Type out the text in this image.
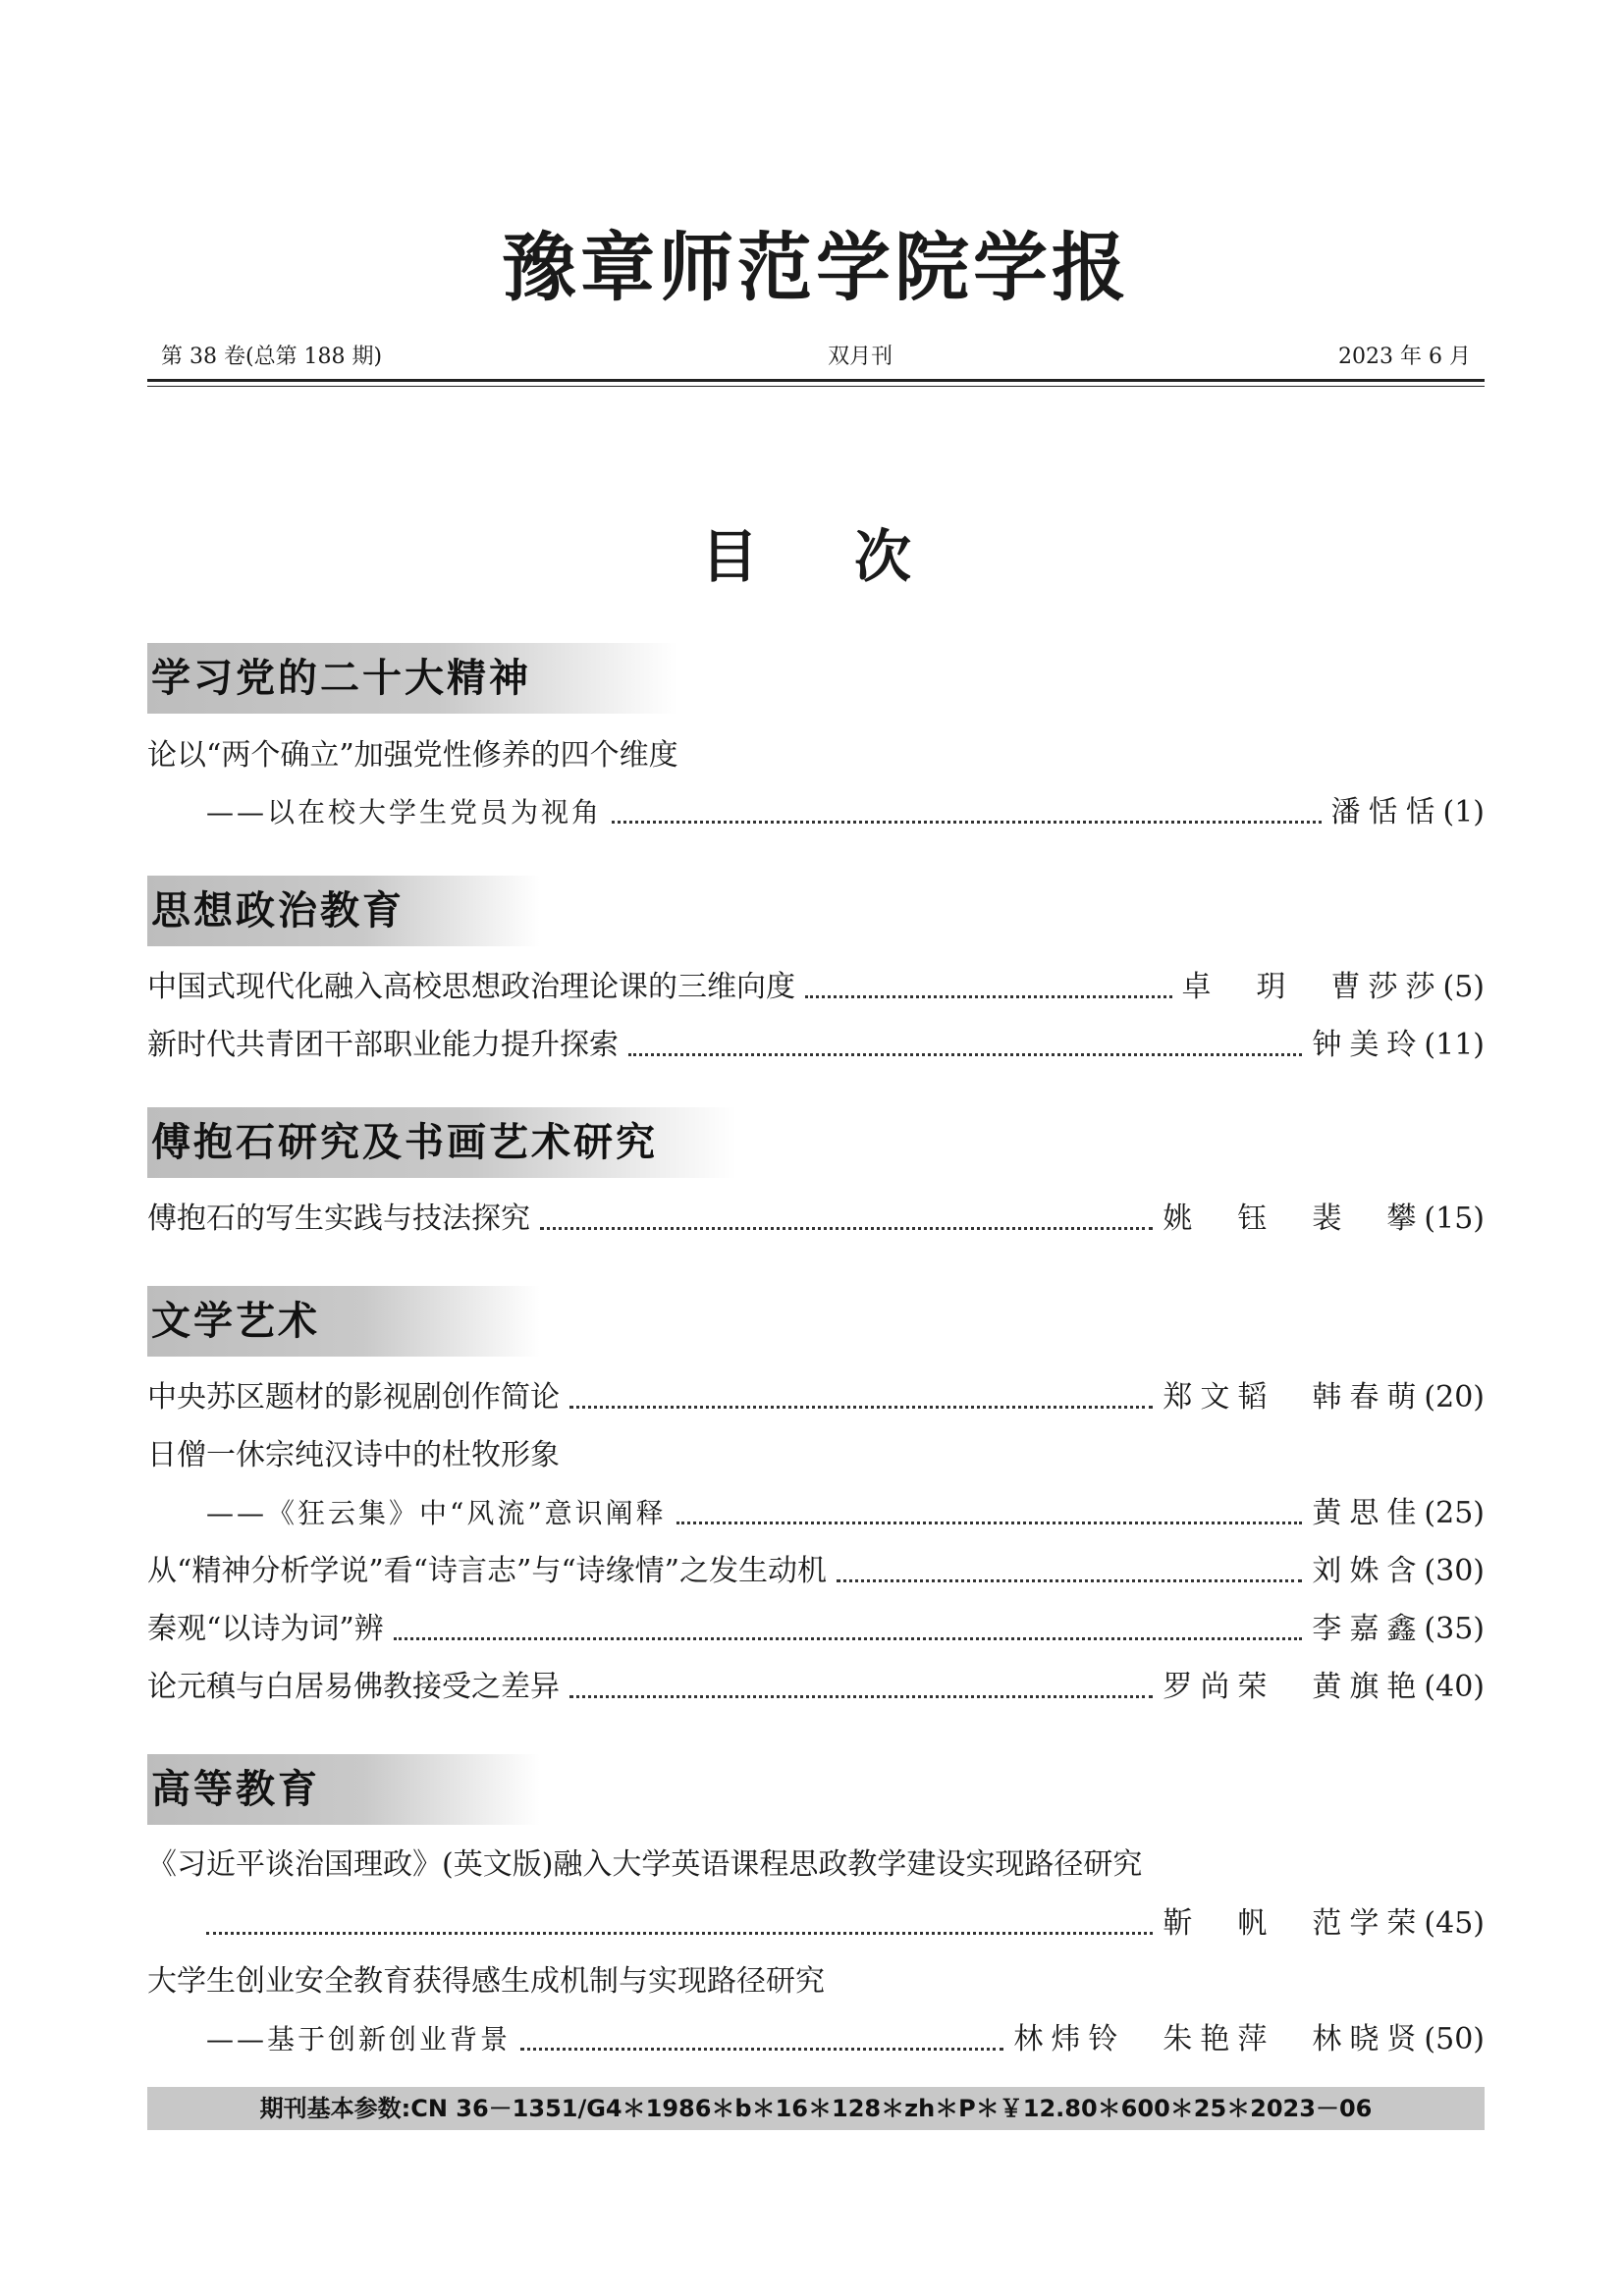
豫章师范学院学报
第 38 卷(总第 188 期)	双月刊	2023 年 6 月
目　次
学习党的二十大精神
论以“两个确立”加强党性修养的四个维度
——以在校大学生党员为视角	潘恬恬 (1)
思想政治教育
中国式现代化融入高校思想政治理论课的三维向度	卓　玥　曹莎莎 (5)
新时代共青团干部职业能力提升探索	钟美玲 (11)
傅抱石研究及书画艺术研究
傅抱石的写生实践与技法探究	姚　钰　裴　攀 (15)
文学艺术
中央苏区题材的影视剧创作简论	郑文韬　韩春萌 (20)
日僧一休宗纯汉诗中的杜牧形象
——《狂云集》中“风流”意识阐释	黄思佳 (25)
从“精神分析学说”看“诗言志”与“诗缘情”之发生动机	刘姝含 (30)
秦观“以诗为词”辨	李嘉鑫 (35)
论元稹与白居易佛教接受之差异	罗尚荣　黄旗艳 (40)
高等教育
《习近平谈治国理政》(英文版)融入大学英语课程思政教学建设实现路径研究
靳　帆　范学荣 (45)
大学生创业安全教育获得感生成机制与实现路径研究
——基于创新创业背景	林炜铃　朱艳萍　林晓贤 (50)
期刊基本参数:CN 36－1351/G4＊1986＊b＊16＊128＊zh＊P＊￥12.80＊600＊25＊2023－06
